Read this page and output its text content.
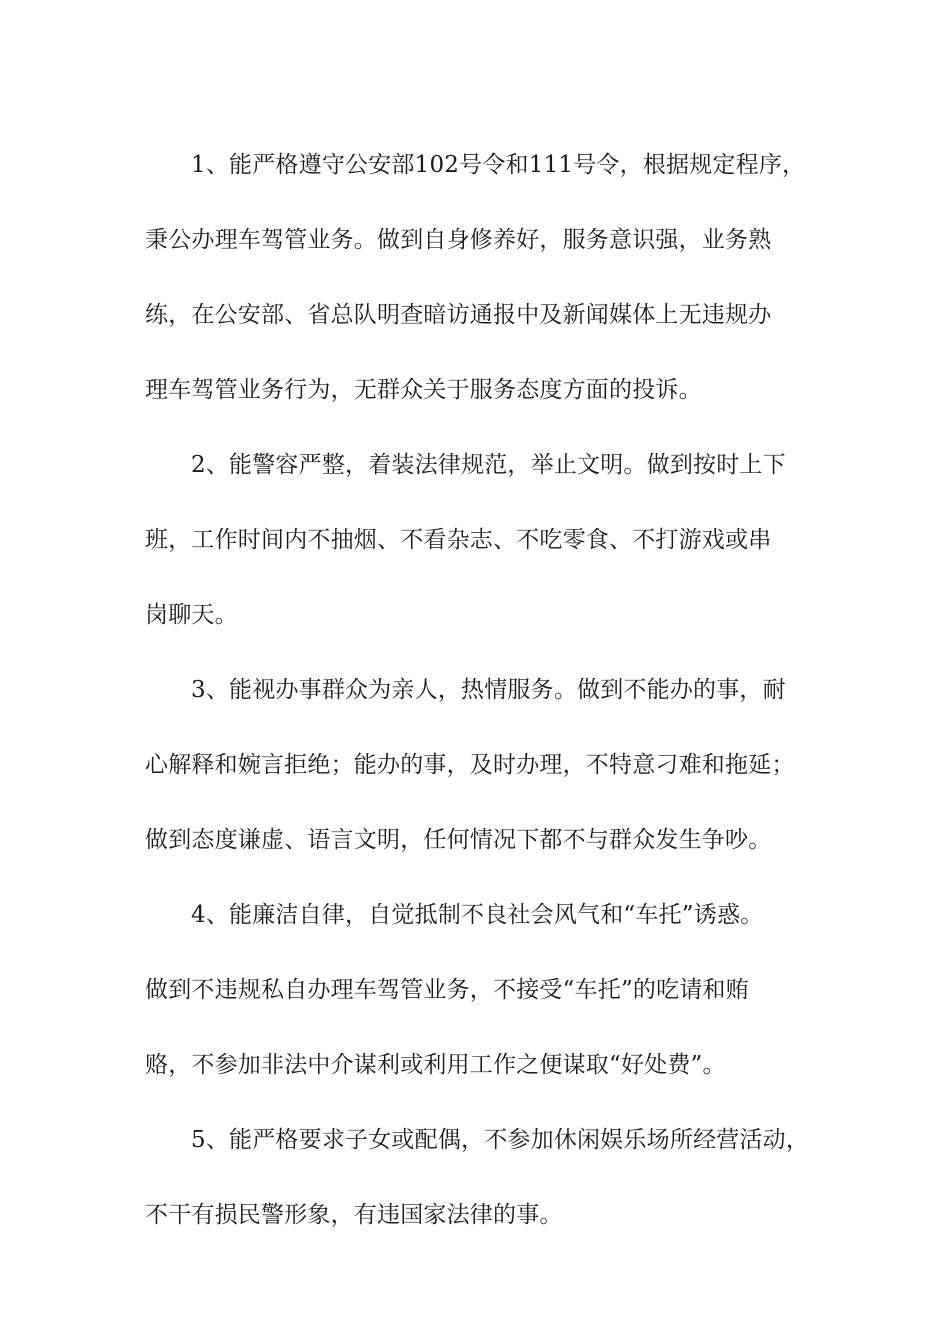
1、能严格遵守公安部102号令和111号令，根据规定程序，
秉公办理车驾管业务。做到自身修养好，服务意识强，业务熟
练，在公安部、省总队明查暗访通报中及新闻媒体上无违规办
理车驾管业务行为，无群众关于服务态度方面的投诉。
2、能警容严整，着装法律规范，举止文明。做到按时上下
班，工作时间内不抽烟、不看杂志、不吃零食、不打游戏或串
岗聊天。
3、能视办事群众为亲人，热情服务。做到不能办的事，耐
心解释和婉言拒绝；能办的事，及时办理，不特意刁难和拖延；
做到态度谦虚、语言文明，任何情况下都不与群众发生争吵。
4、能廉洁自律，自觉抵制不良社会风气和“车托”诱惑。
做到不违规私自办理车驾管业务，不接受“车托”的吃请和贿
赂，不参加非法中介谋利或利用工作之便谋取“好处费”。
5、能严格要求子女或配偶，不参加休闲娱乐场所经营活动，
不干有损民警形象，有违国家法律的事。
